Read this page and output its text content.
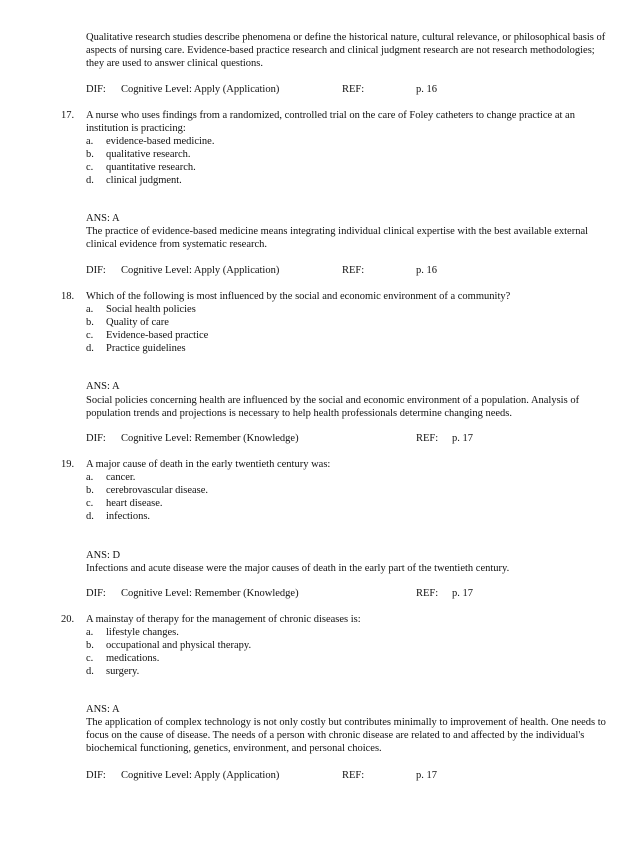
Qualitative research studies describe phenomena or define the historical nature, cultural relevance, or philosophical basis of aspects of nursing care. Evidence-based practice research and clinical judgment research are not research methodologies; they are used to answer clinical questions.

DIF: Cognitive Level: Apply (Application)	REF:	p. 16
17.	A nurse who uses findings from a randomized, controlled trial on the care of Foley catheters to change practice at an institution is practicing:
a.	evidence-based medicine.
b.	qualitative research.
c.	quantitative research.
d.	clinical judgment.
ANS: A

The practice of evidence-based medicine means integrating individual clinical expertise with the best available external clinical evidence from systematic research.

DIF: Cognitive Level: Apply (Application)	REF:	p. 16
18.	Which of the following is most influenced by the social and economic environment of a community?
a.	Social health policies
b.	Quality of care
c.	Evidence-based practice
d.	Practice guidelines
ANS: A

Social policies concerning health are influenced by the social and economic environment of a population. Analysis of population trends and projections is necessary to help health professionals determine changing needs.

DIF: Cognitive Level: Remember (Knowledge)	REF: p. 17
19.	A major cause of death in the early twentieth century was:
a.	cancer.
b.	cerebrovascular disease.
c.	heart disease.
d.	infections.
ANS: D

Infections and acute disease were the major causes of death in the early part of the twentieth century.

DIF: Cognitive Level: Remember (Knowledge)	REF: p. 17
20.	A mainstay of therapy for the management of chronic diseases is:
a.	lifestyle changes.
b.	occupational and physical therapy.
c.	medications.
d.	surgery.
ANS: A

The application of complex technology is not only costly but contributes minimally to improvement of health. One needs to focus on the cause of disease. The needs of a person with chronic disease are related to and affected by the individual's biochemical functioning, genetics, environment, and personal choices.

DIF: Cognitive Level: Apply (Application)	REF:	p. 17
